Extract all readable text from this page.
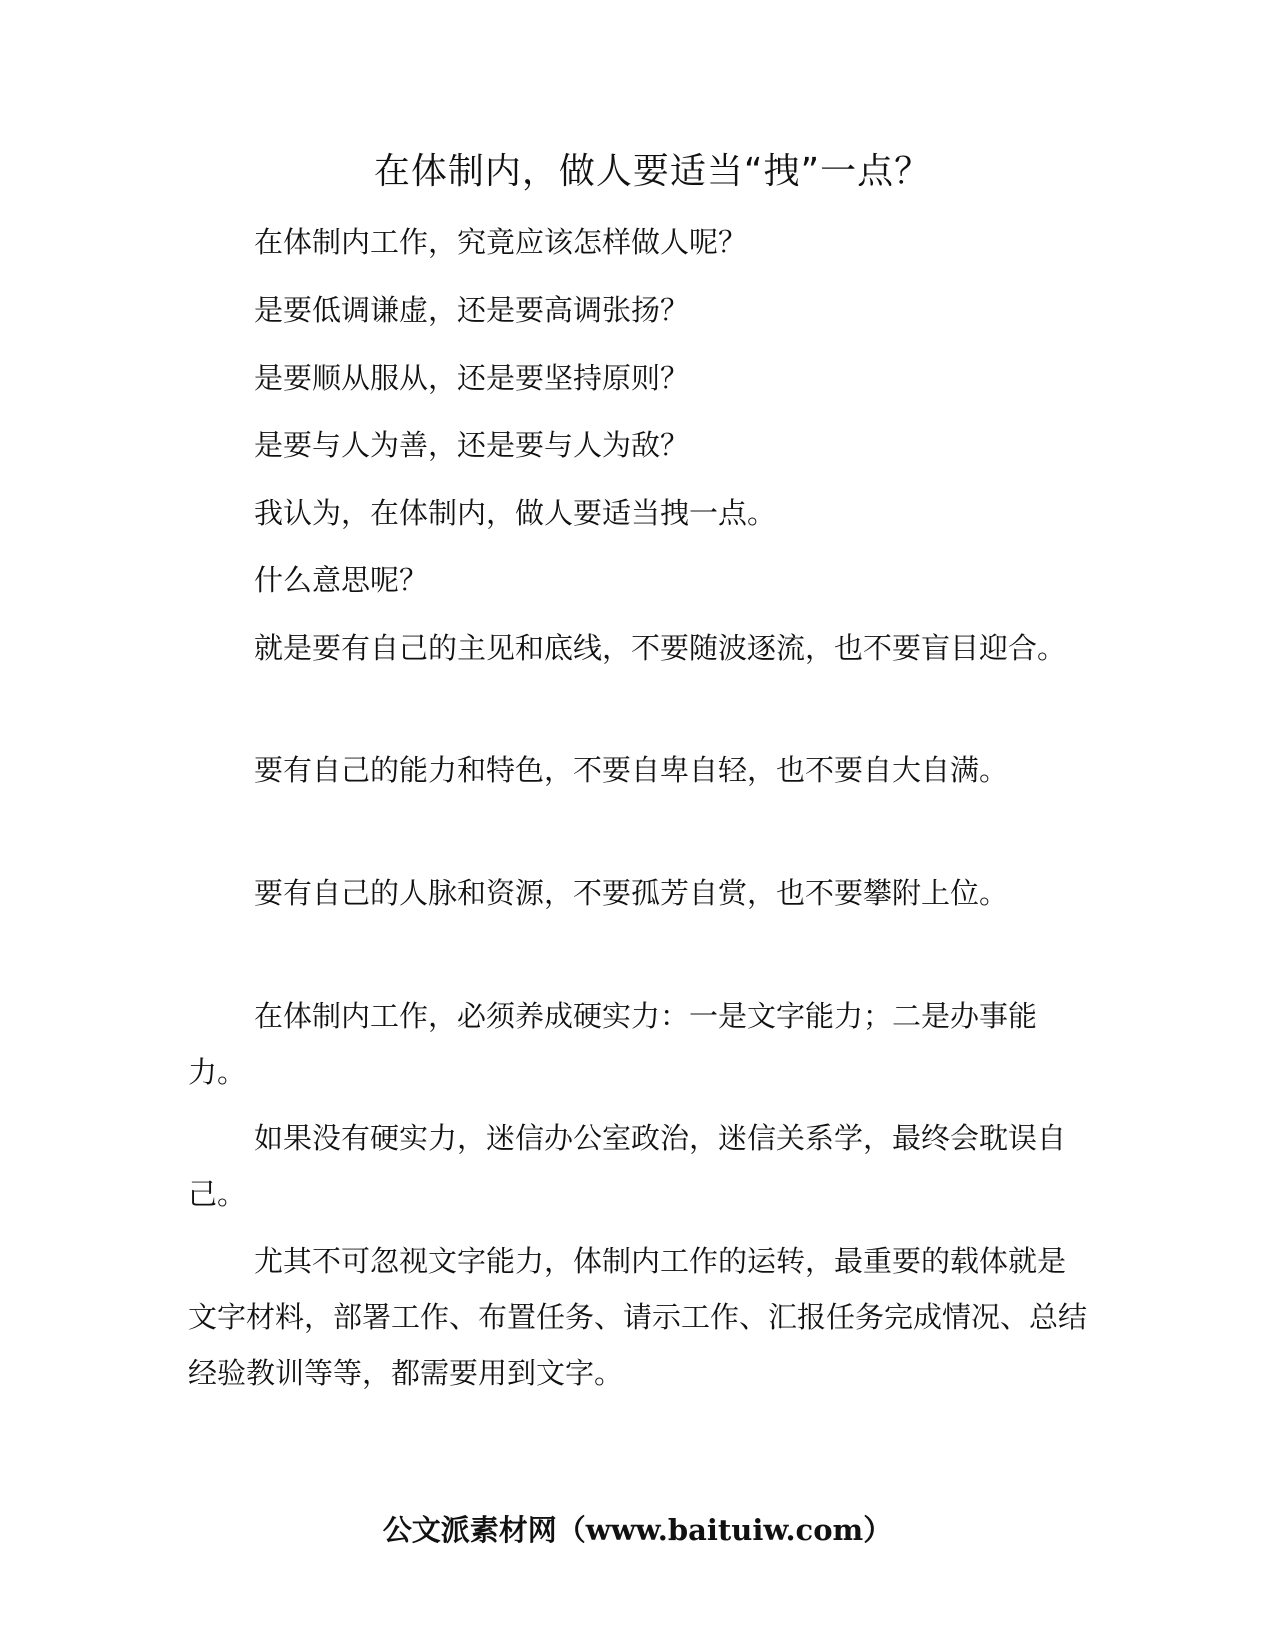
在体制内，做人要适当“拽”一点？

在体制内工作，究竟应该怎样做人呢？

是要低调谦虚，还是要高调张扬？

是要顺从服从，还是要坚持原则？

是要与人为善，还是要与人为敌？

我认为，在体制内，做人要适当拽一点。

什么意思呢？

就是要有自己的主见和底线，不要随波逐流，也不要盲目迎合。

要有自己的能力和特色，不要自卑自轻，也不要自大自满。

要有自己的人脉和资源，不要孤芳自赏，也不要攀附上位。

在体制内工作，必须养成硬实力：一是文字能力；二是办事能力。

如果没有硬实力，迷信办公室政治，迷信关系学，最终会耽误自己。

尤其不可忽视文字能力，体制内工作的运转，最重要的载体就是文字材料，部署工作、布置任务、请示工作、汇报任务完成情况、总结经验教训等等，都需要用到文字。

公文派素材网（www.baituiw.com）
